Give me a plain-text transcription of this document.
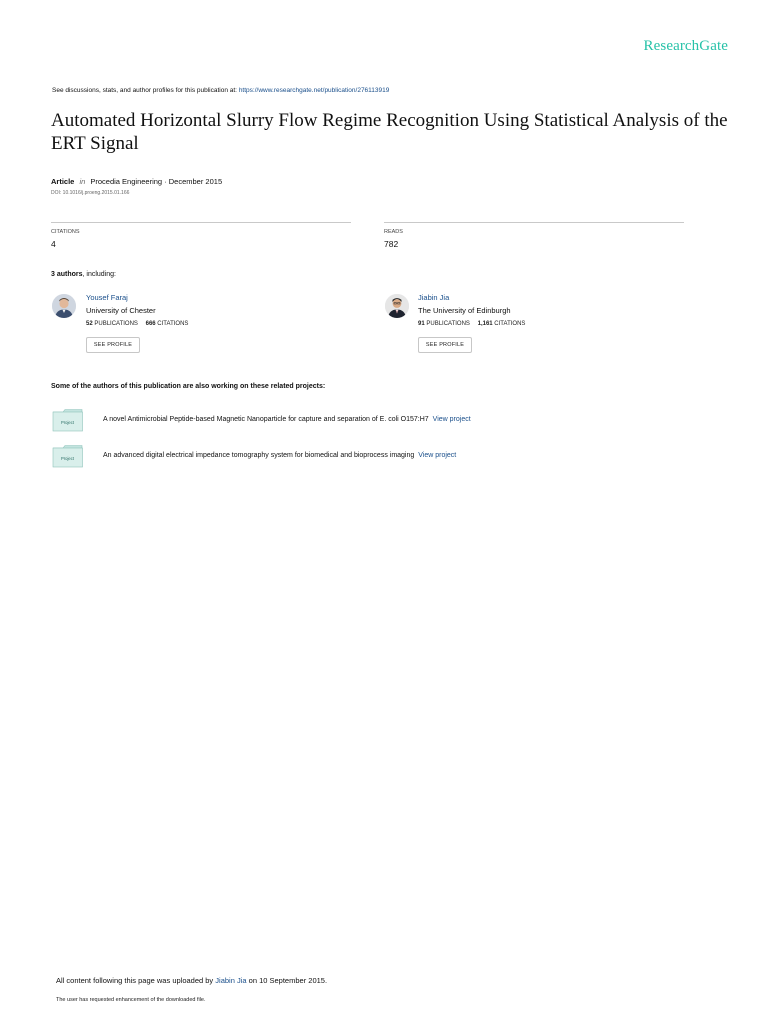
ResearchGate
See discussions, stats, and author profiles for this publication at: https://www.researchgate.net/publication/276113919
Automated Horizontal Slurry Flow Regime Recognition Using Statistical Analysis of the ERT Signal
Article in Procedia Engineering · December 2015
DOI: 10.1016/j.proeng.2015.01.166
CITATIONS
4
READS
782
3 authors, including:
Yousef Faraj
University of Chester
52 PUBLICATIONS 666 CITATIONS
SEE PROFILE
Jiabin Jia
The University of Edinburgh
91 PUBLICATIONS 1,161 CITATIONS
SEE PROFILE
Some of the authors of this publication are also working on these related projects:
Project	A novel Antimicrobial Peptide-based Magnetic Nanoparticle for capture and separation of E. coli O157:H7 View project
Project	An advanced digital electrical impedance tomography system for biomedical and bioprocess imaging View project
All content following this page was uploaded by Jiabin Jia on 10 September 2015.
The user has requested enhancement of the downloaded file.
